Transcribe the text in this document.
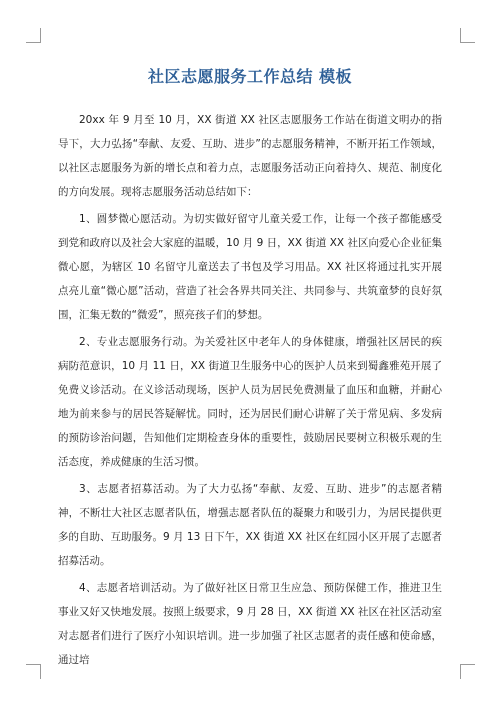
社区志愿服务工作总结 模板

20xx 年 9 月至 10 月，XX 街道 XX 社区志愿服务工作站在街道文明办的指导下，大力弘扬“奉献、友爱、互助、进步”的志愿服务精神，不断开拓工作领域，以社区志愿服务为新的增长点和着力点，志愿服务活动正向着持久、规范、制度化的方向发展。现将志愿服务活动总结如下：

1、圆梦微心愿活动。为切实做好留守儿童关爱工作，让每一个孩子都能感受到党和政府以及社会大家庭的温暖，10 月 9 日，XX 街道 XX 社区向爱心企业征集微心愿，为辖区 10 名留守儿童送去了书包及学习用品。XX 社区将通过扎实开展点亮儿童“微心愿”活动，营造了社会各界共同关注、共同参与、共筑童梦的良好氛围，汇集无数的“微爱”，照亮孩子们的梦想。

2、专业志愿服务行动。为关爱社区中老年人的身体健康，增强社区居民的疾病防范意识，10 月 11 日，XX 街道卫生服务中心的医护人员来到蜀鑫雅苑开展了免费义诊活动。在义诊活动现场，医护人员为居民免费测量了血压和血糖，并耐心地为前来参与的居民答疑解忧。同时，还为居民们耐心讲解了关于常见病、多发病的预防诊治问题，告知他们定期检查身体的重要性，鼓励居民要树立积极乐观的生活态度，养成健康的生活习惯。

3、志愿者招募活动。为了大力弘扬“奉献、友爱、互助、进步”的志愿者精神，不断壮大社区志愿者队伍，增强志愿者队伍的凝聚力和吸引力，为居民提供更多的自助、互助服务。9 月 13 日下午，XX 街道 XX 社区在红园小区开展了志愿者招募活动。

4、志愿者培训活动。为了做好社区日常卫生应急、预防保健工作，推进卫生事业又好又快地发展。按照上级要求，9 月 28 日，XX 街道 XX 社区在社区活动室对志愿者们进行了医疗小知识培训。进一步加强了社区志愿者的责任感和使命感，通过培
